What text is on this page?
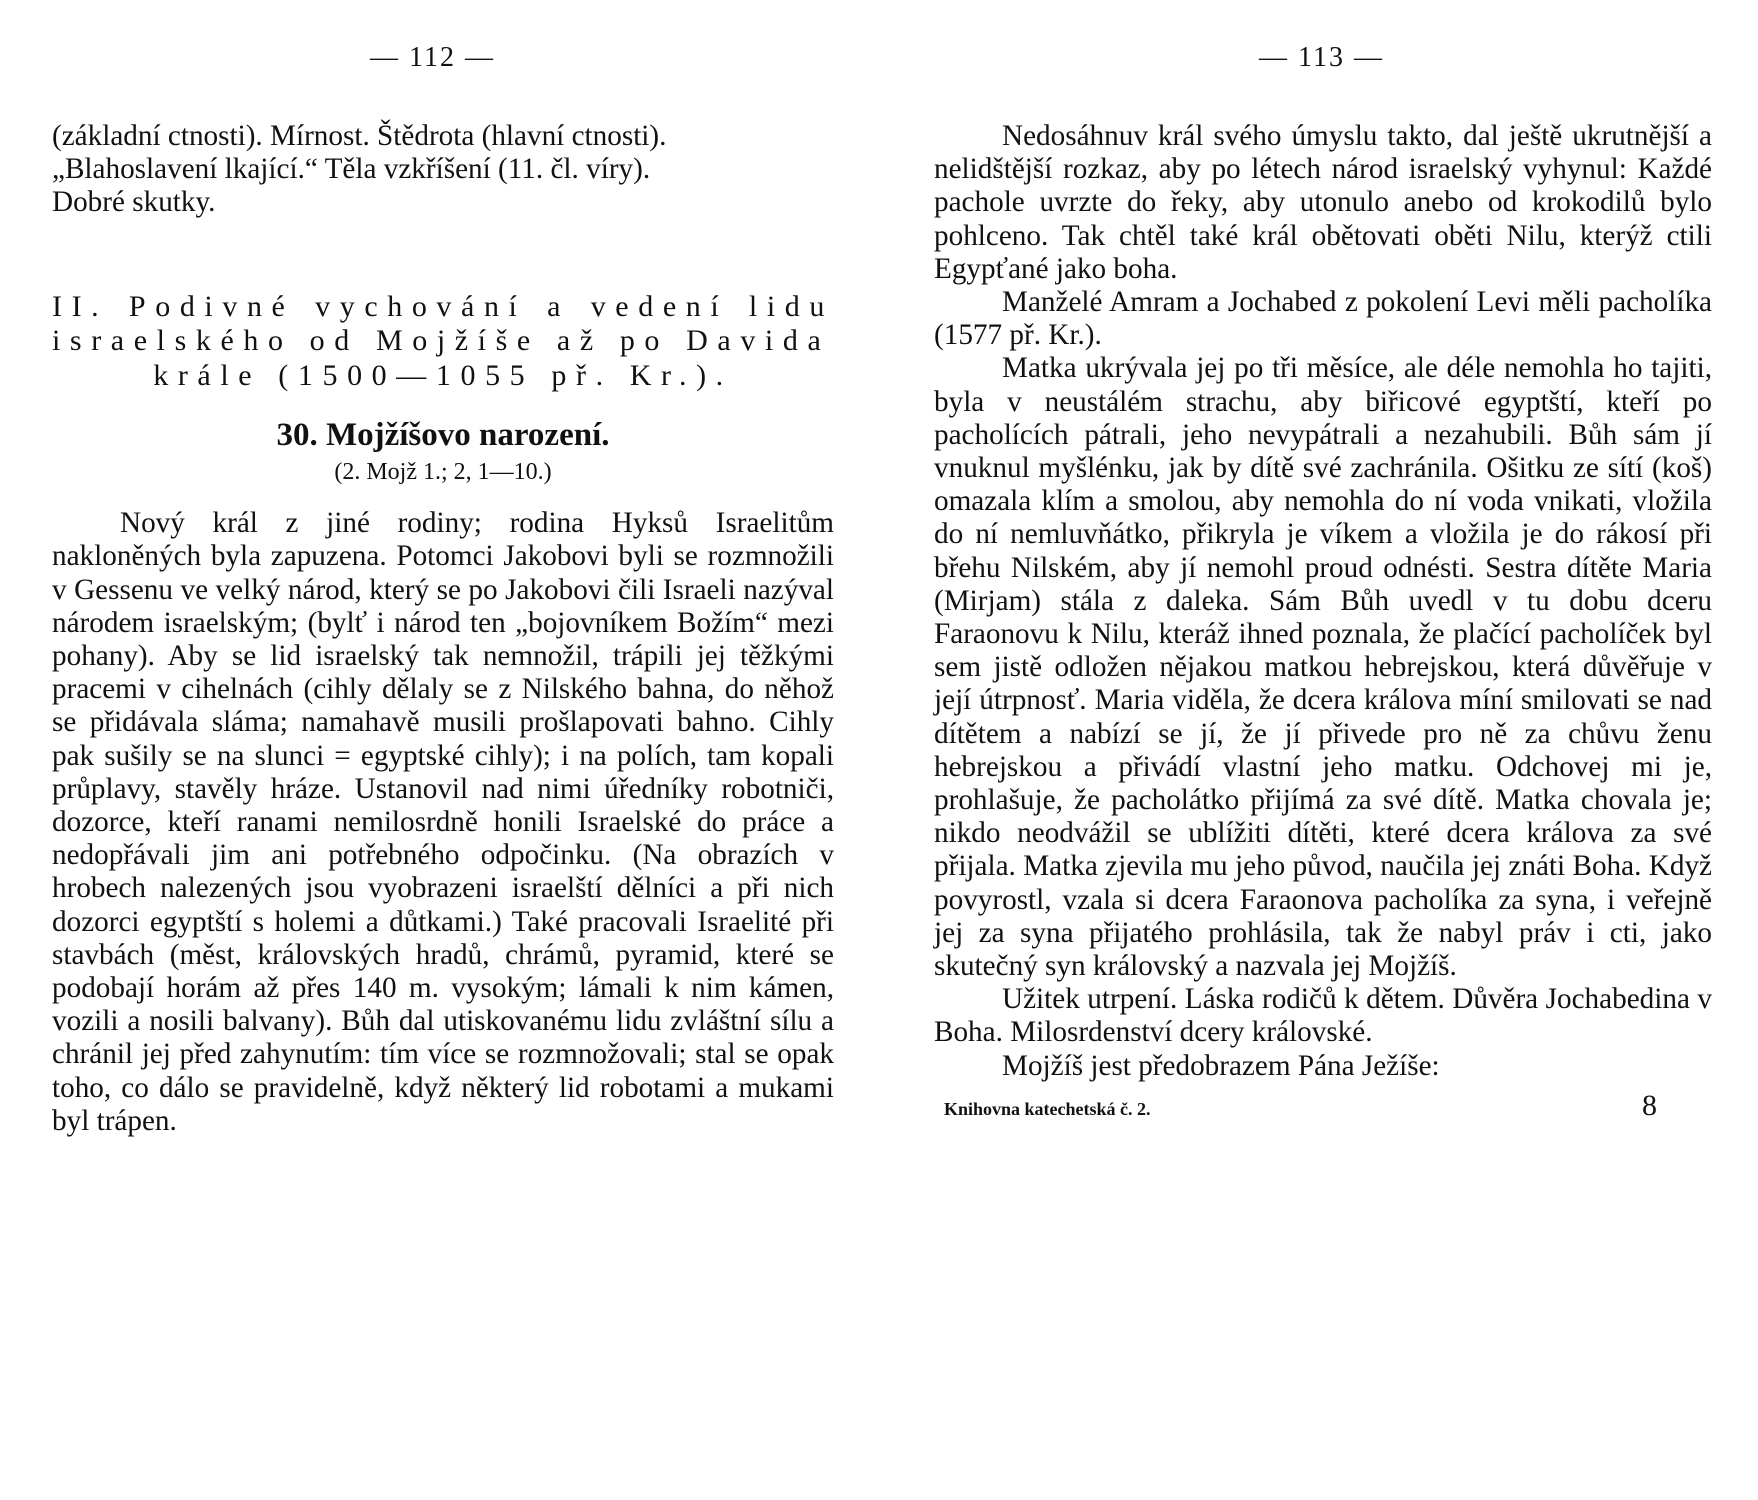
— 112 —

(základní ctnosti). Mírnost. Štědrota (hlavní ctnosti).

„Blahoslavení lkající.“ Těla vzkříšení (11. čl. víry).

Dobré skutky.

II. Podivné vychování a vedení lidu israelského od Mojžíše až po Davida
krále (1500—1055 př. Kr.).
30. Mojžíšovo narození.
(2. Mojž 1.; 2, 1—10.)

Nový král z jiné rodiny; rodina Hyksů Israelitům nakloněných byla zapuzena. Potomci Jakobovi byli se rozmnožili v Gessenu ve velký národ, který se po Jakobovi čili Israeli nazýval národem israelským; (bylť i národ ten „bojovníkem Božím“ mezi pohany). Aby se lid israelský tak nemnožil, trápili jej těžkými pracemi v cihelnách (cihly dělaly se z Nilského bahna, do něhož se přidávala sláma; namahavě musili prošlapovati bahno. Cihly pak sušily se na slunci = egyptské cihly); i na polích, tam kopali průplavy, stavěly hráze. Ustanovil nad nimi úředníky robotniči, dozorce, kteří ranami nemilosrdně honili Israelské do práce a nedopřávali jim ani potřebného odpočinku. (Na obrazích v hrobech nalezených jsou vyobrazeni israelští dělníci a při nich dozorci egyptští s holemi a důtkami.) Také pracovali Israelité při stavbách (měst, královských hradů, chrámů, pyramid, které se podobají horám až přes 140 m. vysokým; lámali k nim kámen, vozili a nosili balvany). Bůh dal utiskovanému lidu zvláštní sílu a chránil jej před zahynutím: tím více se rozmnožovali; stal se opak toho, co dálo se pravidelně, když některý lid robotami a mukami byl trápen.

— 113 —

Nedosáhnuv král svého úmyslu takto, dal ještě ukrutnější a nelidštější rozkaz, aby po létech národ israelský vyhynul: Každé pachole uvrzte do řeky, aby utonulo anebo od krokodilů bylo pohlceno. Tak chtěl také král obětovati oběti Nilu, kterýž ctili Egypťané jako boha.

Manželé Amram a Jochabed z pokolení Levi měli pacholíka (1577 př. Kr.).

Matka ukrývala jej po tři měsíce, ale déle nemohla ho tajiti, byla v neustálém strachu, aby biřicové egyptští, kteří po pacholících pátrali, jeho nevypátrali a nezahubili. Bůh sám jí vnuknul myšlénku, jak by dítě své zachránila. Ošitku ze sítí (koš) omazala klím a smolou, aby nemohla do ní voda vnikati, vložila do ní nemluvňátko, přikryla je víkem a vložila je do rákosí při břehu Nilském, aby jí nemohl proud odnésti. Sestra dítěte Maria (Mirjam) stála z daleka. Sám Bůh uvedl v tu dobu dceru Faraonovu k Nilu, kteráž ihned poznala, že plačící pacholíček byl sem jistě odložen nějakou matkou hebrejskou, která důvěřuje v její útrpnosť. Maria viděla, že dcera králova míní smilovati se nad dítětem a nabízí se jí, že jí přivede pro ně za chůvu ženu hebrejskou a přivádí vlastní jeho matku. Odchovej mi je, prohlašuje, že pacholátko přijímá za své dítě. Matka chovala je; nikdo neodvážil se ublížiti dítěti, které dcera králova za své přijala. Matka zjevila mu jeho původ, naučila jej znáti Boha. Když povyrostl, vzala si dcera Faraonova pacholíka za syna, i veřejně jej za syna přijatého prohlásila, tak že nabyl práv i cti, jako skutečný syn královský a nazvala jej Mojžíš.

Užitek utrpení. Láska rodičů k dětem. Důvěra Jochabedina v Boha. Milosrdenství dcery královské.

Mojžíš jest předobrazem Pána Ježíše:

Knihovna katechetská č. 2.	8
